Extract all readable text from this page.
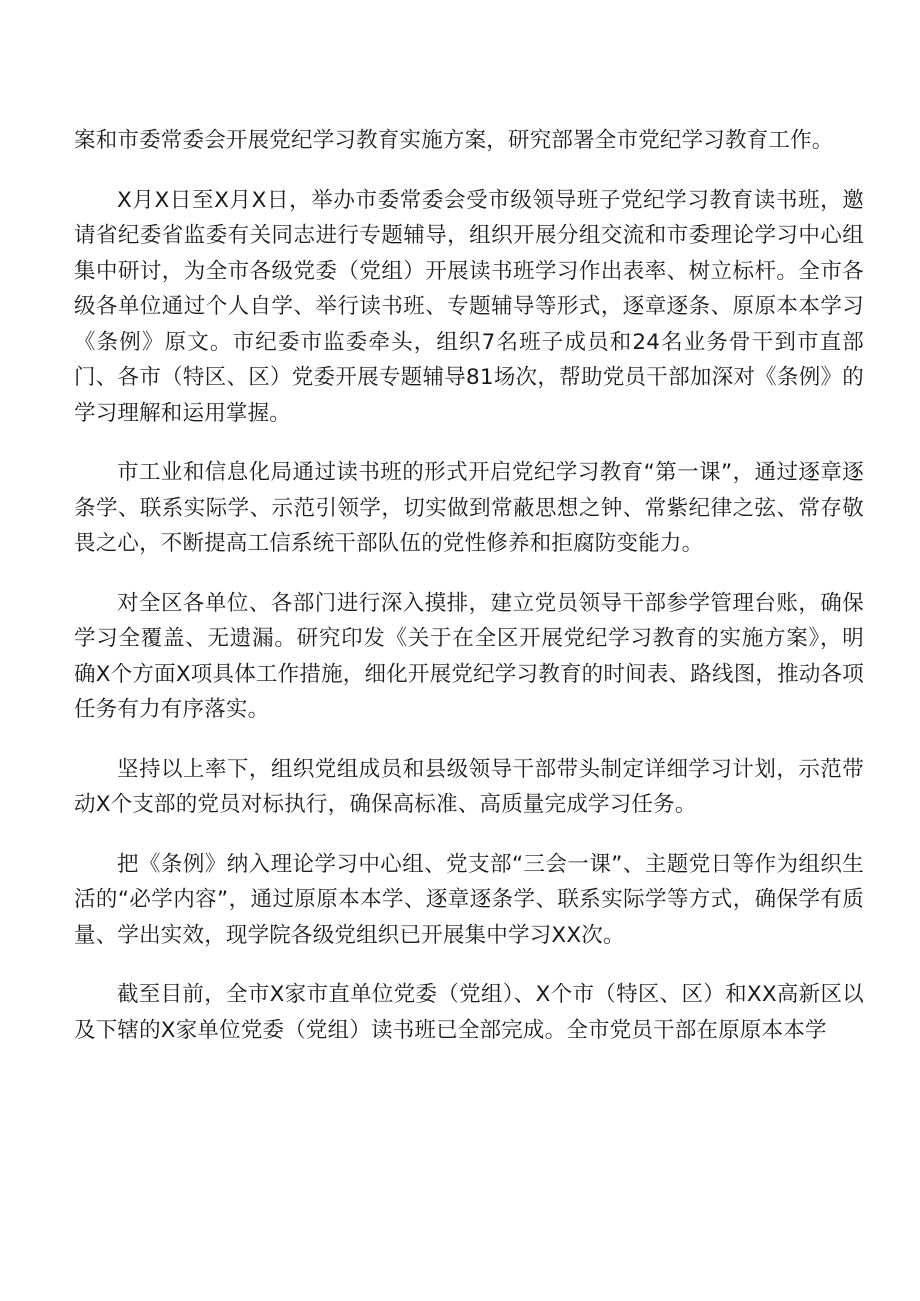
案和市委常委会开展党纪学习教育实施方案，研究部署全市党纪学习教育工作。

X月X日至X月X日，举办市委常委会受市级领导班子党纪学习教育读书班，邀请省纪委省监委有关同志进行专题辅导，组织开展分组交流和市委理论学习中心组集中研讨，为全市各级党委（党组）开展读书班学习作出表率、树立标杆。全市各级各单位通过个人自学、举行读书班、专题辅导等形式，逐章逐条、原原本本学习《条例》原文。市纪委市监委牵头，组织7名班子成员和24名业务骨干到市直部门、各市（特区、区）党委开展专题辅导81场次，帮助党员干部加深对《条例》的学习理解和运用掌握。

市工业和信息化局通过读书班的形式开启党纪学习教育“第一课”，通过逐章逐条学、联系实际学、示范引领学，切实做到常蔽思想之钟、常紫纪律之弦、常存敬畏之心，不断提高工信系统干部队伍的党性修养和拒腐防变能力。

对全区各单位、各部门进行深入摸排，建立党员领导干部参学管理台账，确保学习全覆盖、无遗漏。研究印发《关于在全区开展党纪学习教育的实施方案》，明确X个方面X项具体工作措施，细化开展党纪学习教育的时间表、路线图，推动各项任务有力有序落实。

坚持以上率下，组织党组成员和县级领导干部带头制定详细学习计划，示范带动X个支部的党员对标执行，确保高标准、高质量完成学习任务。

把《条例》纳入理论学习中心组、党支部“三会一课”、主题党日等作为组织生活的“必学内容”，通过原原本本学、逐章逐条学、联系实际学等方式，确保学有质量、学出实效，现学院各级党组织已开展集中学习XX次。

截至目前，全市X家市直单位党委（党组）、X个市（特区、区）和XX高新区以及下辖的X家单位党委（党组）读书班已全部完成。全市党员干部在原原本本学
